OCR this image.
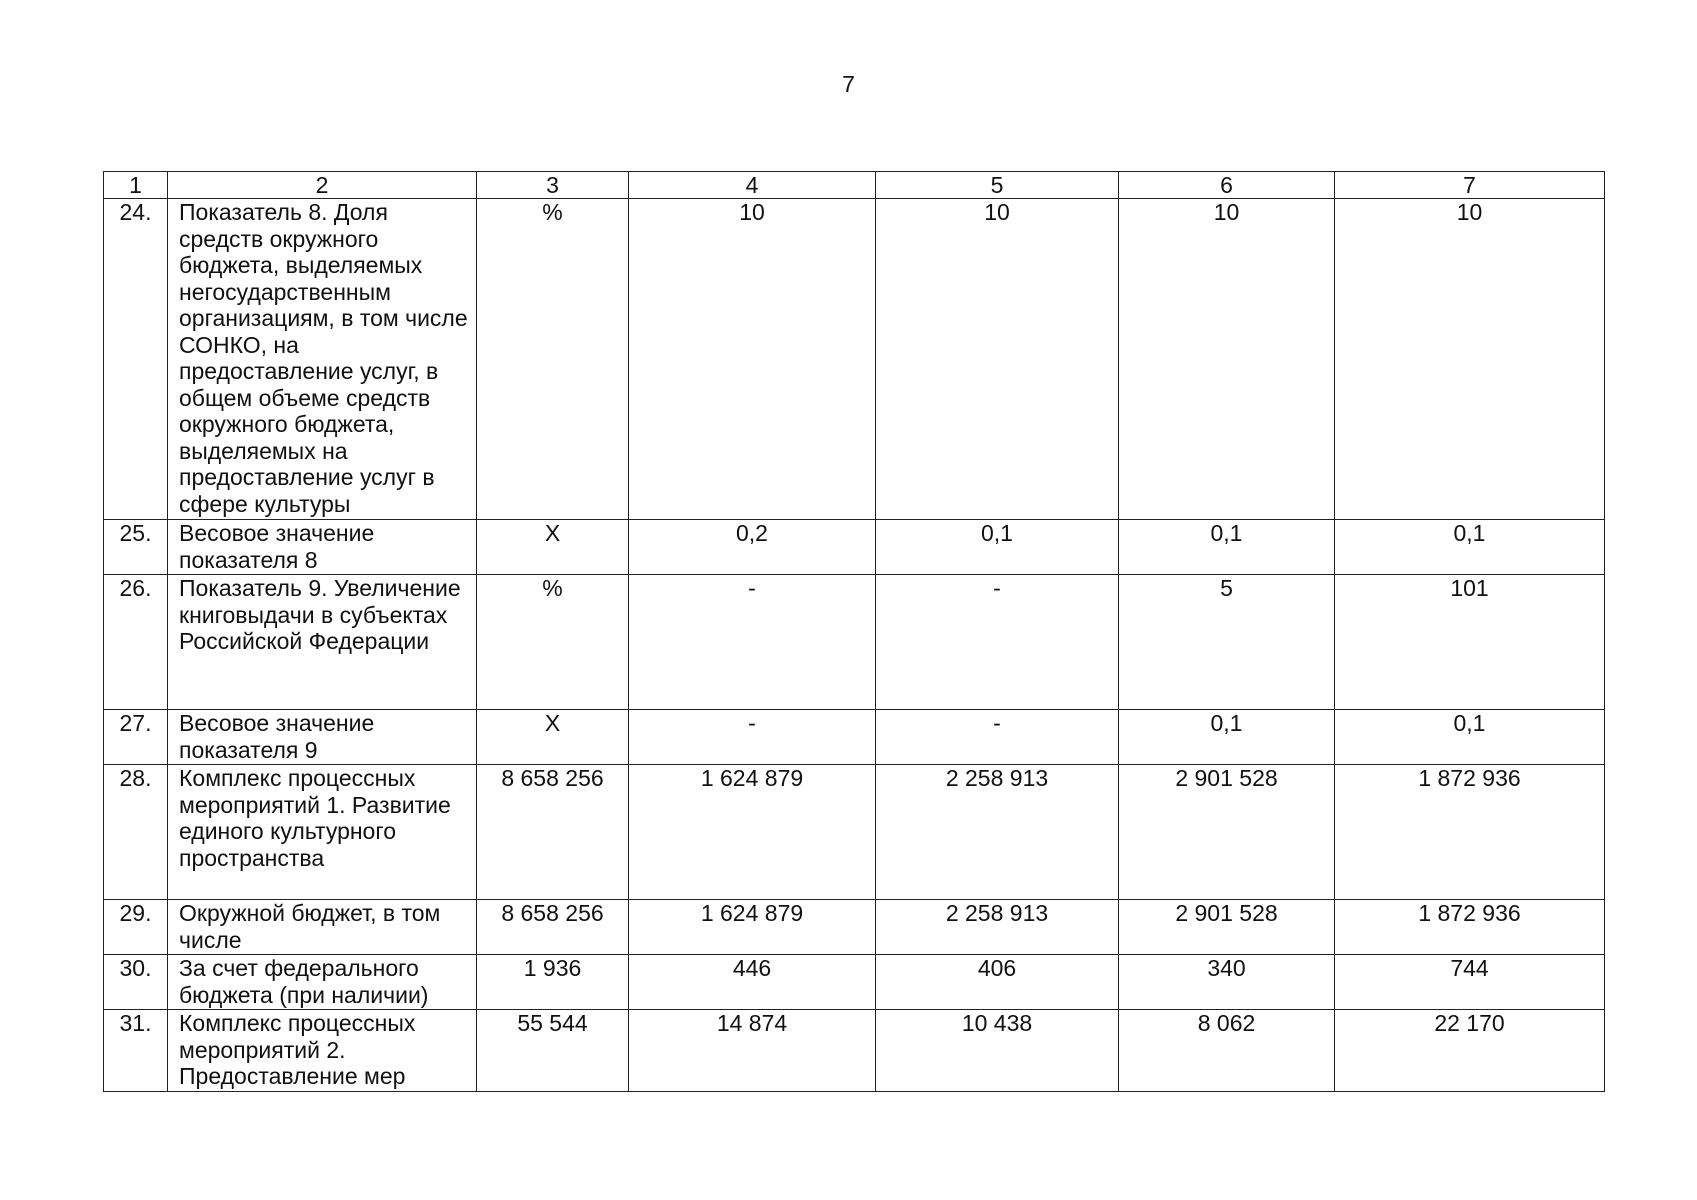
7
1	2	3	4	5	6	7
24.	Показатель 8. Доля средств окружного бюджета, выделяемых негосударственным организациям, в том числе СОНКО, на предоставление услуг, в общем объеме средств окружного бюджета, выделяемых на предоставление услуг в сфере культуры	%	10	10	10	10
25.	Весовое значение показателя 8	Х	0,2	0,1	0,1	0,1
26.	Показатель 9. Увеличение книговыдачи в субъектах Российской Федерации	%	-	-	5	101
27.	Весовое значение показателя 9	Х	-	-	0,1	0,1
28.	Комплекс процессных мероприятий 1. Развитие единого культурного пространства	8 658 256	1 624 879	2 258 913	2 901 528	1 872 936
29.	Окружной бюджет, в том числе	8 658 256	1 624 879	2 258 913	2 901 528	1 872 936
30.	За счет федерального бюджета (при наличии)	1 936	446	406	340	744
31.	Комплекс процессных мероприятий 2. Предоставление мер	55 544	14 874	10 438	8 062	22 170
